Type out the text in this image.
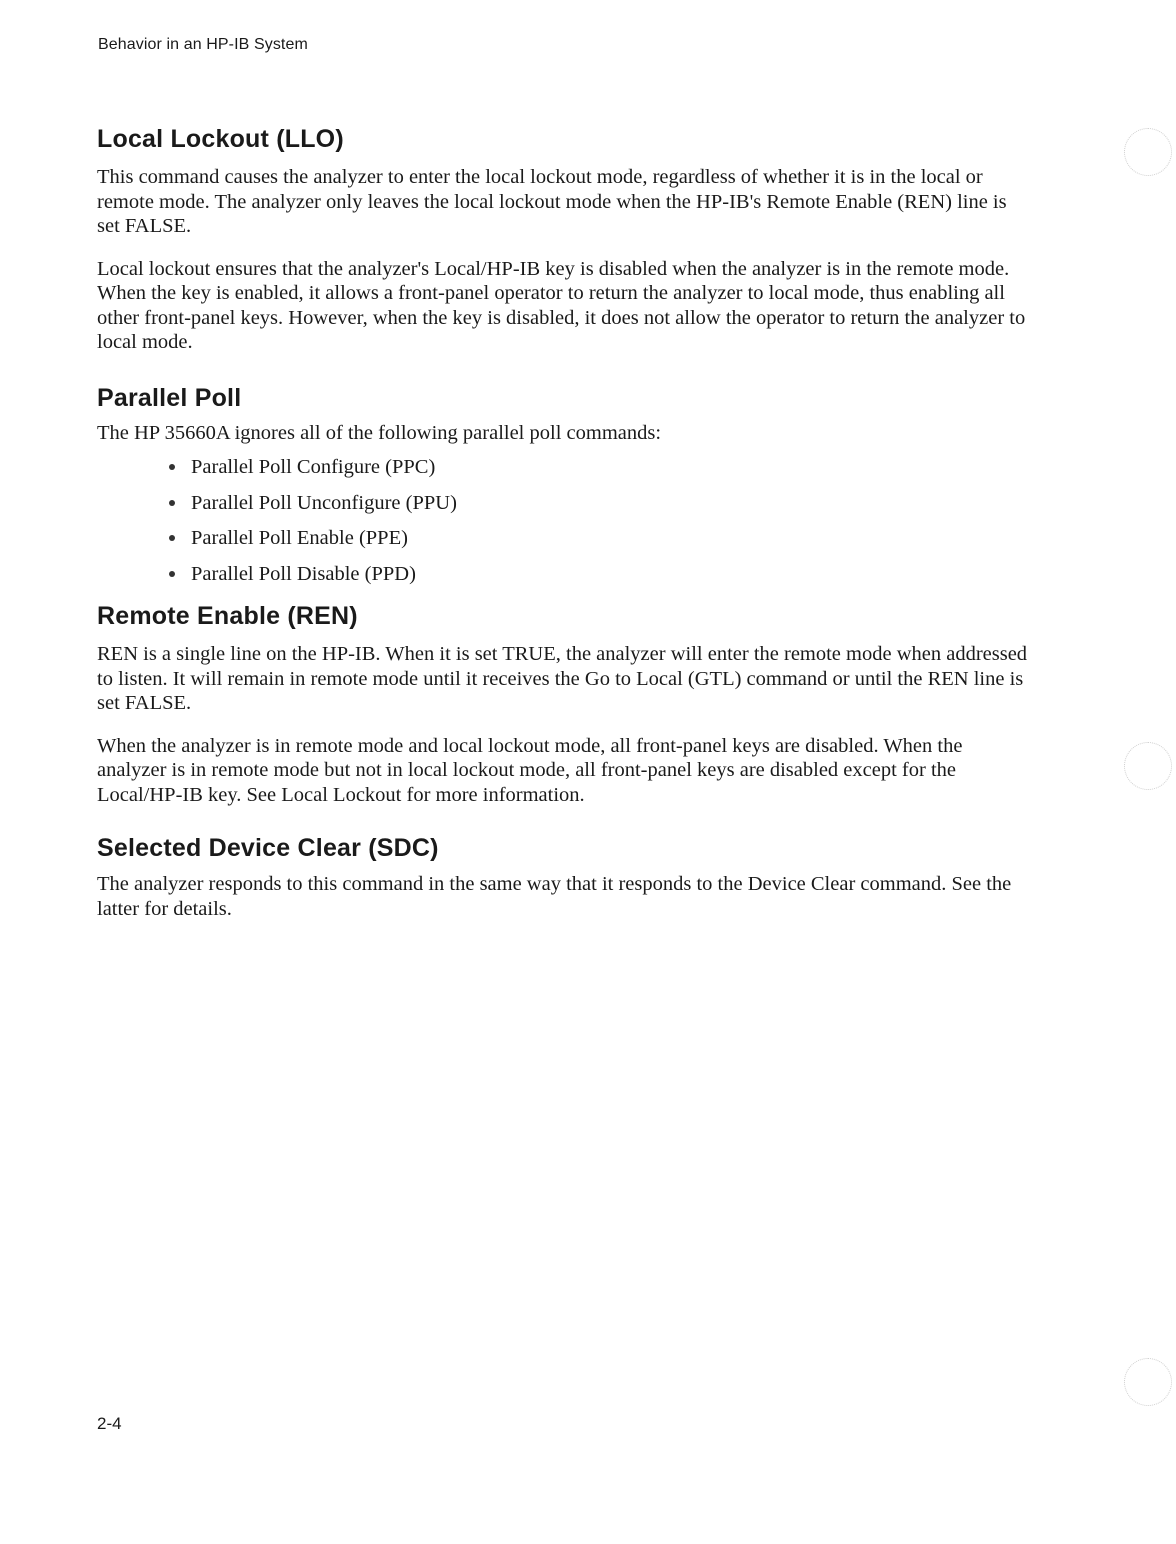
Behavior in an HP-IB System
Local Lockout (LLO)

This command causes the analyzer to enter the local lockout mode, regardless of whether it is in the local or remote mode. The analyzer only leaves the local lockout mode when the HP-IB's Remote Enable (REN) line is set FALSE.

Local lockout ensures that the analyzer's Local/HP-IB key is disabled when the analyzer is in the remote mode. When the key is enabled, it allows a front-panel operator to return the analyzer to local mode, thus enabling all other front-panel keys. However, when the key is disabled, it does not allow the operator to return the analyzer to local mode.

Parallel Poll

The HP 35660A ignores all of the following parallel poll commands:

Parallel Poll Configure (PPC)
Parallel Poll Unconfigure (PPU)
Parallel Poll Enable (PPE)
Parallel Poll Disable (PPD)
Remote Enable (REN)

REN is a single line on the HP-IB. When it is set TRUE, the analyzer will enter the remote mode when addressed to listen. It will remain in remote mode until it receives the Go to Local (GTL) command or until the REN line is set FALSE.

When the analyzer is in remote mode and local lockout mode, all front-panel keys are disabled. When the analyzer is in remote mode but not in local lockout mode, all front-panel keys are disabled except for the Local/HP-IB key. See Local Lockout for more information.

Selected Device Clear (SDC)

The analyzer responds to this command in the same way that it responds to the Device Clear command. See the latter for details.

2-4
